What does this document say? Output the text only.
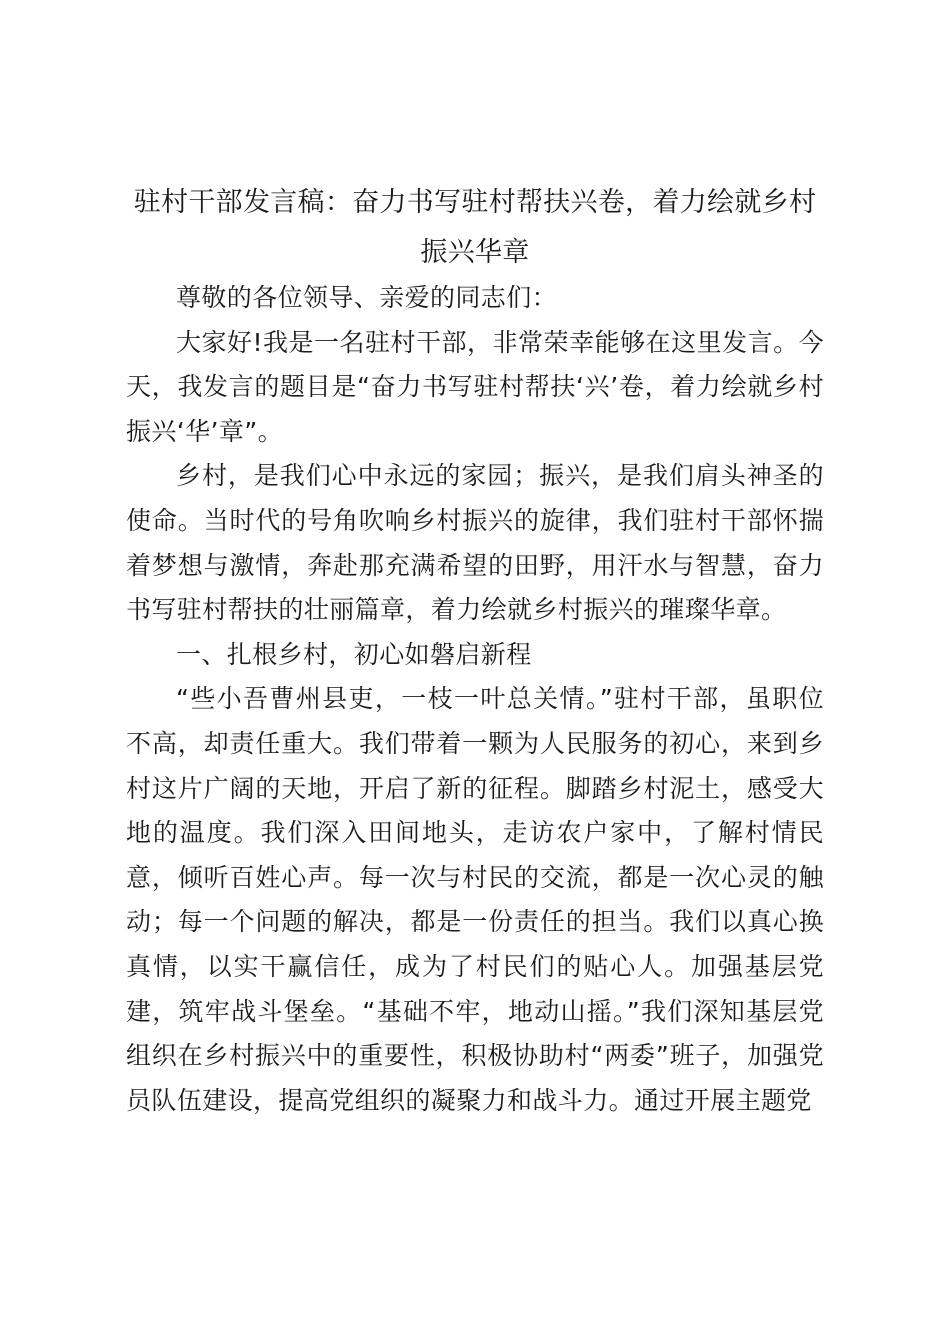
驻村干部发言稿：奋力书写驻村帮扶兴卷，着力绘就乡村振兴华章

尊敬的各位领导、亲爱的同志们：

大家好!我是一名驻村干部，非常荣幸能够在这里发言。今天，我发言的题目是“奋力书写驻村帮扶‘兴’卷，着力绘就乡村振兴‘华’章”。

乡村，是我们心中永远的家园；振兴，是我们肩头神圣的使命。当时代的号角吹响乡村振兴的旋律，我们驻村干部怀揣着梦想与激情，奔赴那充满希望的田野，用汗水与智慧，奋力书写驻村帮扶的壮丽篇章，着力绘就乡村振兴的璀璨华章。

一、扎根乡村，初心如磐启新程

“些小吾曹州县吏，一枝一叶总关情。”驻村干部，虽职位不高，却责任重大。我们带着一颗为人民服务的初心，来到乡村这片广阔的天地，开启了新的征程。脚踏乡村泥土，感受大地的温度。我们深入田间地头，走访农户家中，了解村情民意，倾听百姓心声。每一次与村民的交流，都是一次心灵的触动；每一个问题的解决，都是一份责任的担当。我们以真心换真情，以实干赢信任，成为了村民们的贴心人。加强基层党建，筑牢战斗堡垒。“基础不牢，地动山摇。”我们深知基层党组织在乡村振兴中的重要性，积极协助村“两委”班子，加强党员队伍建设，提高党组织的凝聚力和战斗力。通过开展主题党
